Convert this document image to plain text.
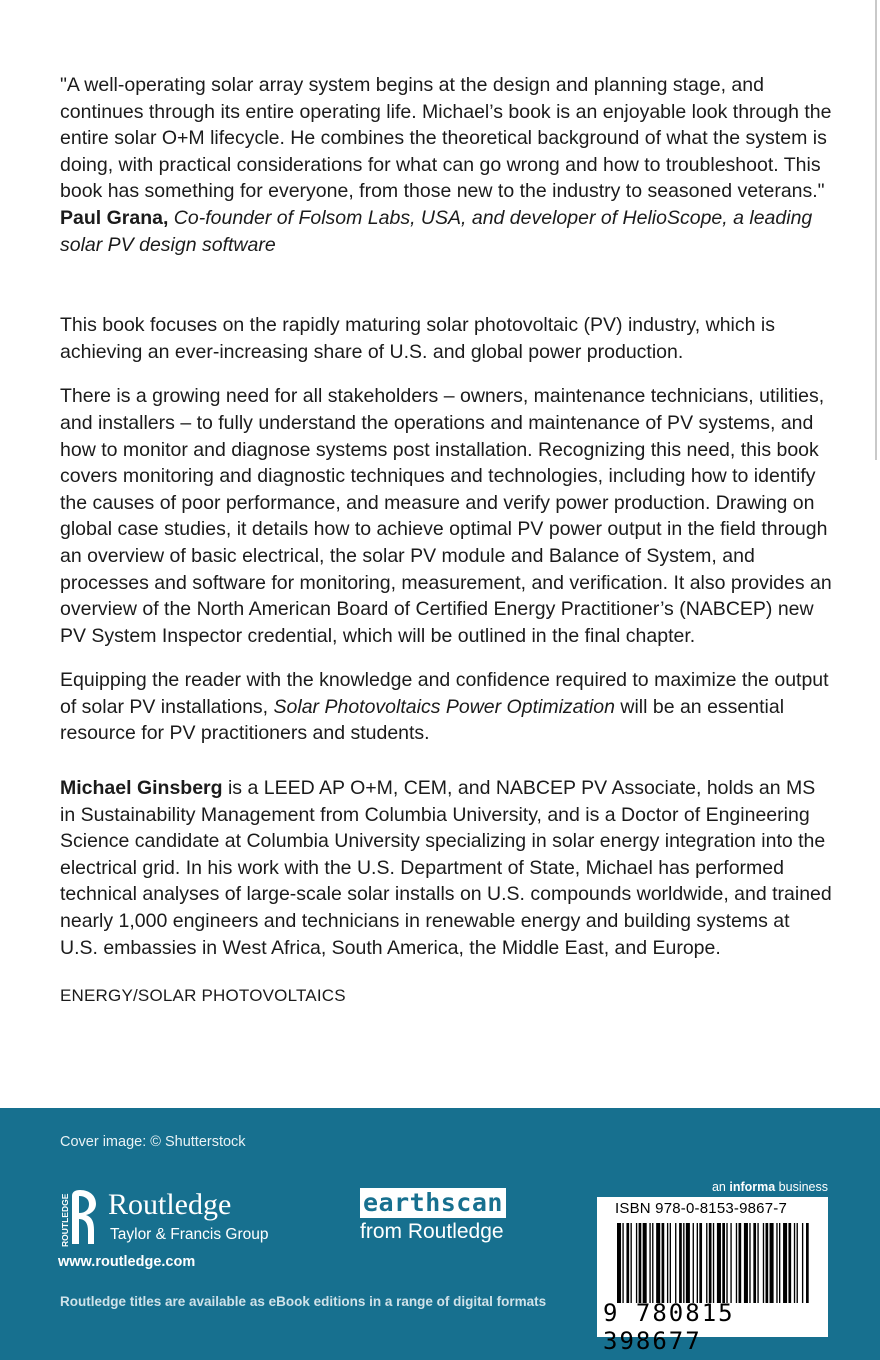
"A well-operating solar array system begins at the design and planning stage, and continues through its entire operating life. Michael’s book is an enjoyable look through the entire solar O+M lifecycle. He combines the theoretical background of what the system is doing, with practical considerations for what can go wrong and how to troubleshoot. This book has something for everyone, from those new to the industry to seasoned veterans."

Paul Grana, Co-founder of Folsom Labs, USA, and developer of HelioScope, a leading solar PV design software

This book focuses on the rapidly maturing solar photovoltaic (PV) industry, which is achieving an ever-increasing share of U.S. and global power production.

There is a growing need for all stakeholders – owners, maintenance technicians, utilities, and installers – to fully understand the operations and maintenance of PV systems, and how to monitor and diagnose systems post installation. Recognizing this need, this book covers monitoring and diagnostic techniques and technologies, including how to identify the causes of poor performance, and measure and verify power production. Drawing on global case studies, it details how to achieve optimal PV power output in the field through an overview of basic electrical, the solar PV module and Balance of System, and processes and software for monitoring, measurement, and verification. It also provides an overview of the North American Board of Certified Energy Practitioner’s (NABCEP) new PV System Inspector credential, which will be outlined in the final chapter.

Equipping the reader with the knowledge and confidence required to maximize the output of solar PV installations, Solar Photovoltaics Power Optimization will be an essential resource for PV practitioners and students.

Michael Ginsberg is a LEED AP O+M, CEM, and NABCEP PV Associate, holds an MS in Sustainability Management from Columbia University, and is a Doctor of Engineering Science candidate at Columbia University specializing in solar energy integration into the electrical grid. In his work with the U.S. Department of State, Michael has performed technical analyses of large-scale solar installs on U.S. compounds worldwide, and trained nearly 1,000 engineers and technicians in renewable energy and building systems at U.S. embassies in West Africa, South America, the Middle East, and Europe.

ENERGY/SOLAR PHOTOVOLTAICS

Cover image: © Shutterstock
ROUTLEDGE Routledge
Taylor & Francis Group
www.routledge.com
earthscan
from Routledge
an informa business
ISBN 978-0-8153-9867-7
9 780815 398677
Routledge titles are available as eBook editions in a range of digital formats
